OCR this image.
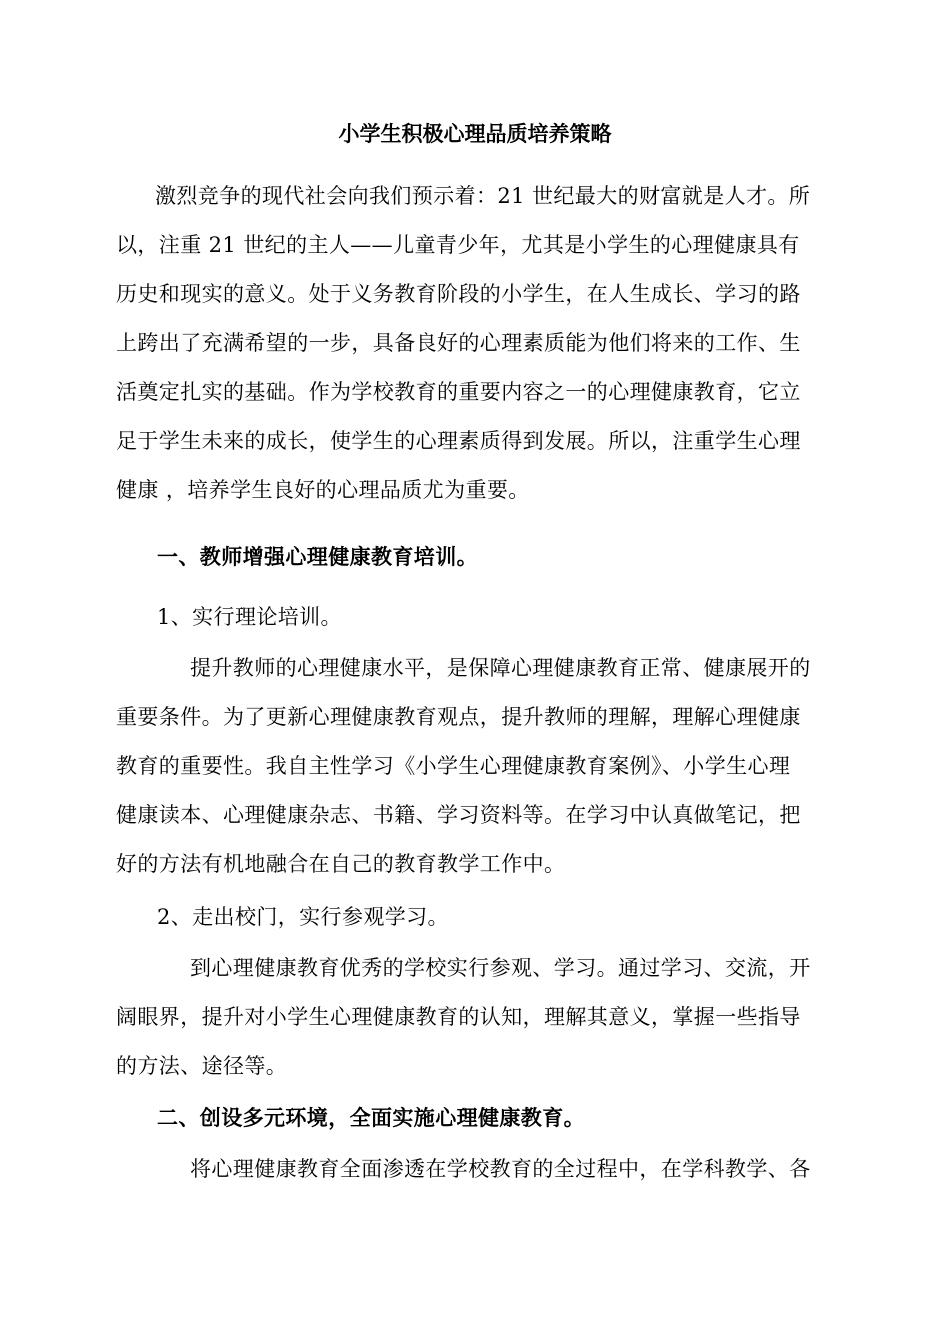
小学生积极心理品质培养策略
激烈竞争的现代社会向我们预示着：21 世纪最大的财富就是人才。所
以，注重 21 世纪的主人——儿童青少年，尤其是小学生的心理健康具有
历史和现实的意义。处于义务教育阶段的小学生，在人生成长、学习的路
上跨出了充满希望的一步，具备良好的心理素质能为他们将来的工作、生
活奠定扎实的基础。作为学校教育的重要内容之一的心理健康教育，它立
足于学生未来的成长，使学生的心理素质得到发展。所以，注重学生心理
健康 ，培养学生良好的心理品质尤为重要。
一、教师增强心理健康教育培训。
1、实行理论培训。
提升教师的心理健康水平，是保障心理健康教育正常、健康展开的
重要条件。为了更新心理健康教育观点，提升教师的理解，理解心理健康
教育的重要性。我自主性学习《小学生心理健康教育案例》、小学生心理
健康读本、心理健康杂志、书籍、学习资料等。在学习中认真做笔记，把
好的方法有机地融合在自己的教育教学工作中。
2、走出校门，实行参观学习。
到心理健康教育优秀的学校实行参观、学习。通过学习、交流，开
阔眼界，提升对小学生心理健康教育的认知，理解其意义，掌握一些指导
的方法、途径等。
二、创设多元环境，全面实施心理健康教育。
将心理健康教育全面渗透在学校教育的全过程中，在学科教学、各
